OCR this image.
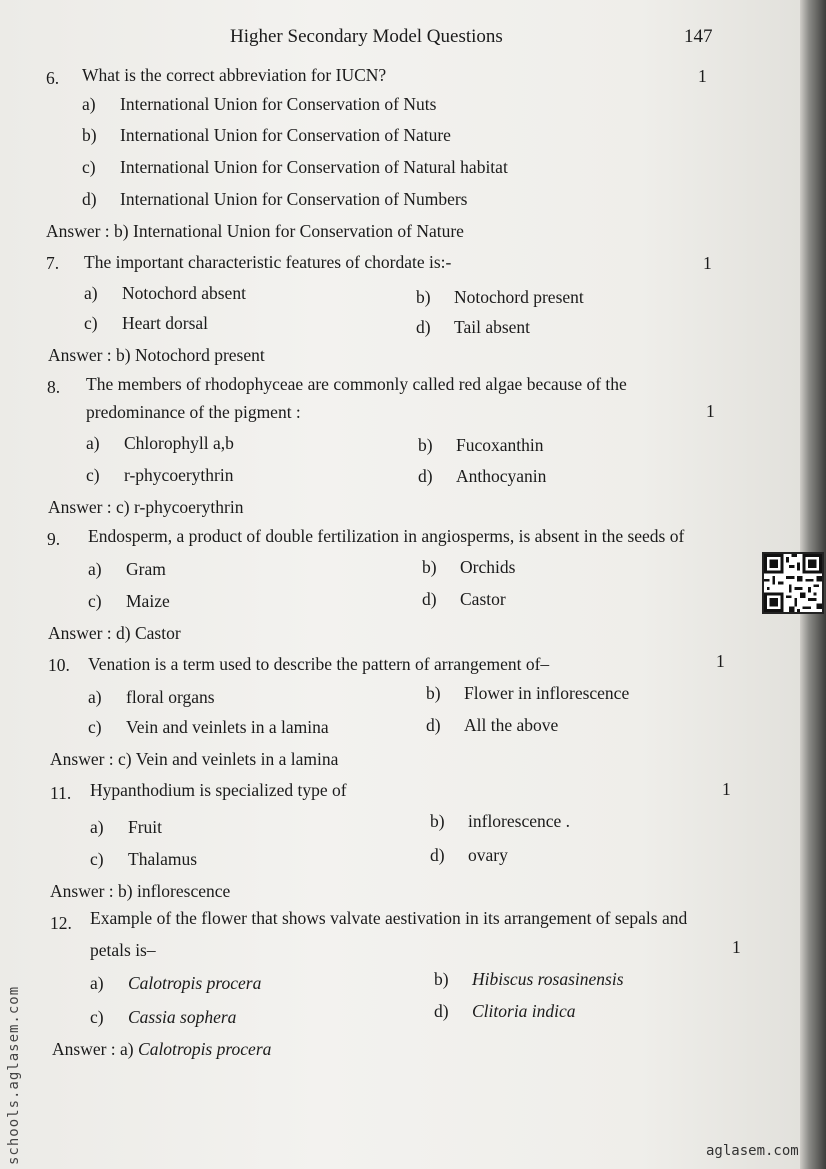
Higher Secondary Model Questions	147
6. What is the correct abbreviation for IUCN?	1
a) International Union for Conservation of Nuts
b) International Union for Conservation of Nature
c) International Union for Conservation of Natural habitat
d) International Union for Conservation of Numbers
Answer : b) International Union for Conservation of Nature
7. The important characteristic features of chordate is:-	1
a) Notochord absent	b) Notochord present
c) Heart dorsal	d) Tail absent
Answer : b) Notochord present
8. The members of rhodophyceae are commonly called red algae because of the
predominance of the pigment :	1
a) Chlorophyll a,b	b) Fucoxanthin
c) r-phycoerythrin	d) Anthocyanin
Answer : c) r-phycoerythrin
9. Endosperm, a product of double fertilization in angiosperms, is absent in the seeds of
a) Gram	b) Orchids
c) Maize	d) Castor
Answer : d) Castor
10. Venation is a term used to describe the pattern of arrangement of–	1
a) floral organs	b) Flower in inflorescence
c) Vein and veinlets in a lamina	d) All the above
Answer : c) Vein and veinlets in a lamina
11. Hypanthodium is specialized type of	1
a) Fruit	b) inflorescence .
c) Thalamus	d) ovary
Answer : b) inflorescence
12. Example of the flower that shows valvate aestivation in its arrangement of sepals and
petals is–	1
a) Calotropis procera	b) Hibiscus rosasinensis
c) Cassia sophera	d) Clitoria indica
Answer : a) Calotropis procera
schools.aglasem.com	aglasem.com
